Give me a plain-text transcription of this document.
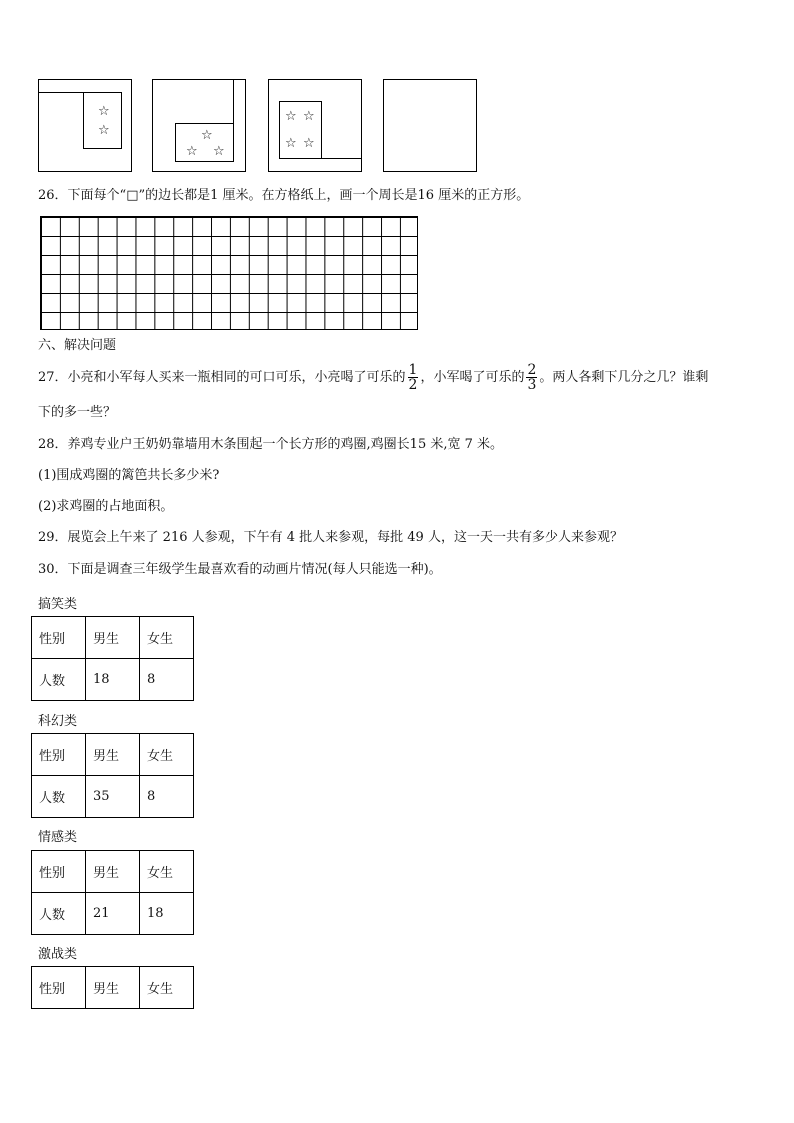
☆
☆	☆
☆ ☆
☆ ☆
☆ ☆
26．下面每个“□”的边长都是1 厘米。在方格纸上，画一个周长是16 厘米的正方形。
六、解决问题
27．小亮和小军每人买来一瓶相同的可口可乐，小亮喝了可乐的 $\frac{1}{2}$ ，小军喝了可乐的 $\frac{2}{3}$ 。两人各剩下几分之几？谁剩
下的多一些？
28．养鸡专业户王奶奶靠墙用木条围起一个长方形的鸡圈,鸡圈长15 米,宽 7 米。
(1)围成鸡圈的篱笆共长多少米?
(2)求鸡圈的占地面积。
29．展览会上午来了 216 人参观，下午有 4 批人来参观，每批 49 人，这一天一共有多少人来参观？
30．下面是调查三年级学生最喜欢看的动画片情况(每人只能选一种)。
搞笑类
性别	男生	女生
人数	18	8
科幻类
性别	男生	女生
人数	35	8
情感类
性别	男生	女生
人数	21	18
激战类
性别	男生	女生
